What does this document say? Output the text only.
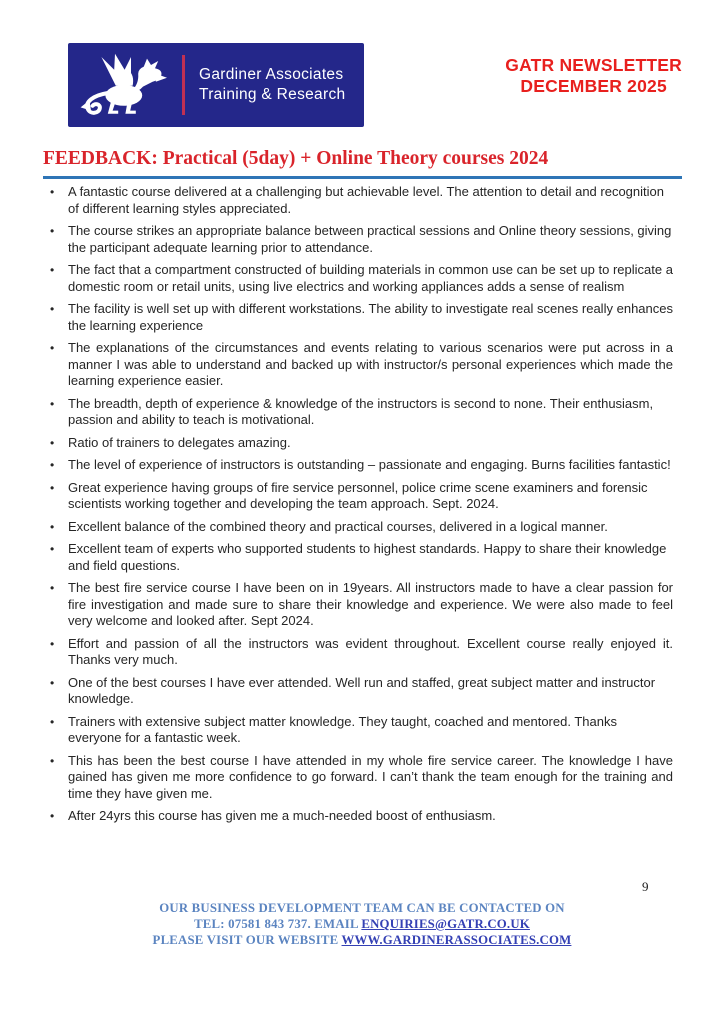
Gardiner Associates
Training & Research
GATR NEWSLETTER
DECEMBER 2025
FEEDBACK: Practical (5day) + Online Theory courses 2024
•	A fantastic course delivered at a challenging but achievable level. The attention to detail and recognition of different learning styles appreciated.
•	The course strikes an appropriate balance between practical sessions and Online theory sessions, giving the participant adequate learning prior to attendance.
•	The fact that a compartment constructed of building materials in common use can be set up to replicate a domestic room or retail units, using live electrics and working appliances adds a sense of realism
•	The facility is well set up with different workstations. The ability to investigate real scenes really enhances the learning experience
•	The explanations of the circumstances and events relating to various scenarios were put across in a manner I was able to understand and backed up with instructor/s personal experiences which made the learning experience easier.
•	The breadth, depth of experience & knowledge of the instructors is second to none. Their enthusiasm, passion and ability to teach is motivational.
•	Ratio of trainers to delegates amazing.
•	The level of experience of instructors is outstanding – passionate and engaging. Burns facilities fantastic!
•	Great experience having groups of fire service personnel, police crime scene examiners and forensic scientists working together and developing the team approach. Sept. 2024.
•	Excellent balance of the combined theory and practical courses, delivered in a logical manner.
•	Excellent team of experts who supported students to highest standards. Happy to share their knowledge and field questions.
•	The best fire service course I have been on in 19years. All instructors made to have a clear passion for fire investigation and made sure to share their knowledge and experience. We were also made to feel very welcome and looked after. Sept 2024.
•	Effort and passion of all the instructors was evident throughout. Excellent course really enjoyed it. Thanks very much.
•	One of the best courses I have ever attended. Well run and staffed, great subject matter and instructor knowledge.
•	Trainers with extensive subject matter knowledge. They taught, coached and mentored. Thanks everyone for a fantastic week.
•	This has been the best course I have attended in my whole fire service career. The knowledge I have gained has given me more confidence to go forward. I can’t thank the team enough for the training and time they have given me.
•	After 24yrs this course has given me a much-needed boost of enthusiasm.
9
OUR BUSINESS DEVELOPMENT TEAM CAN BE CONTACTED ON
TEL: 07581 843 737. EMAIL ENQUIRIES@GATR.CO.UK
PLEASE VISIT OUR WEBSITE WWW.GARDINERASSOCIATES.COM
